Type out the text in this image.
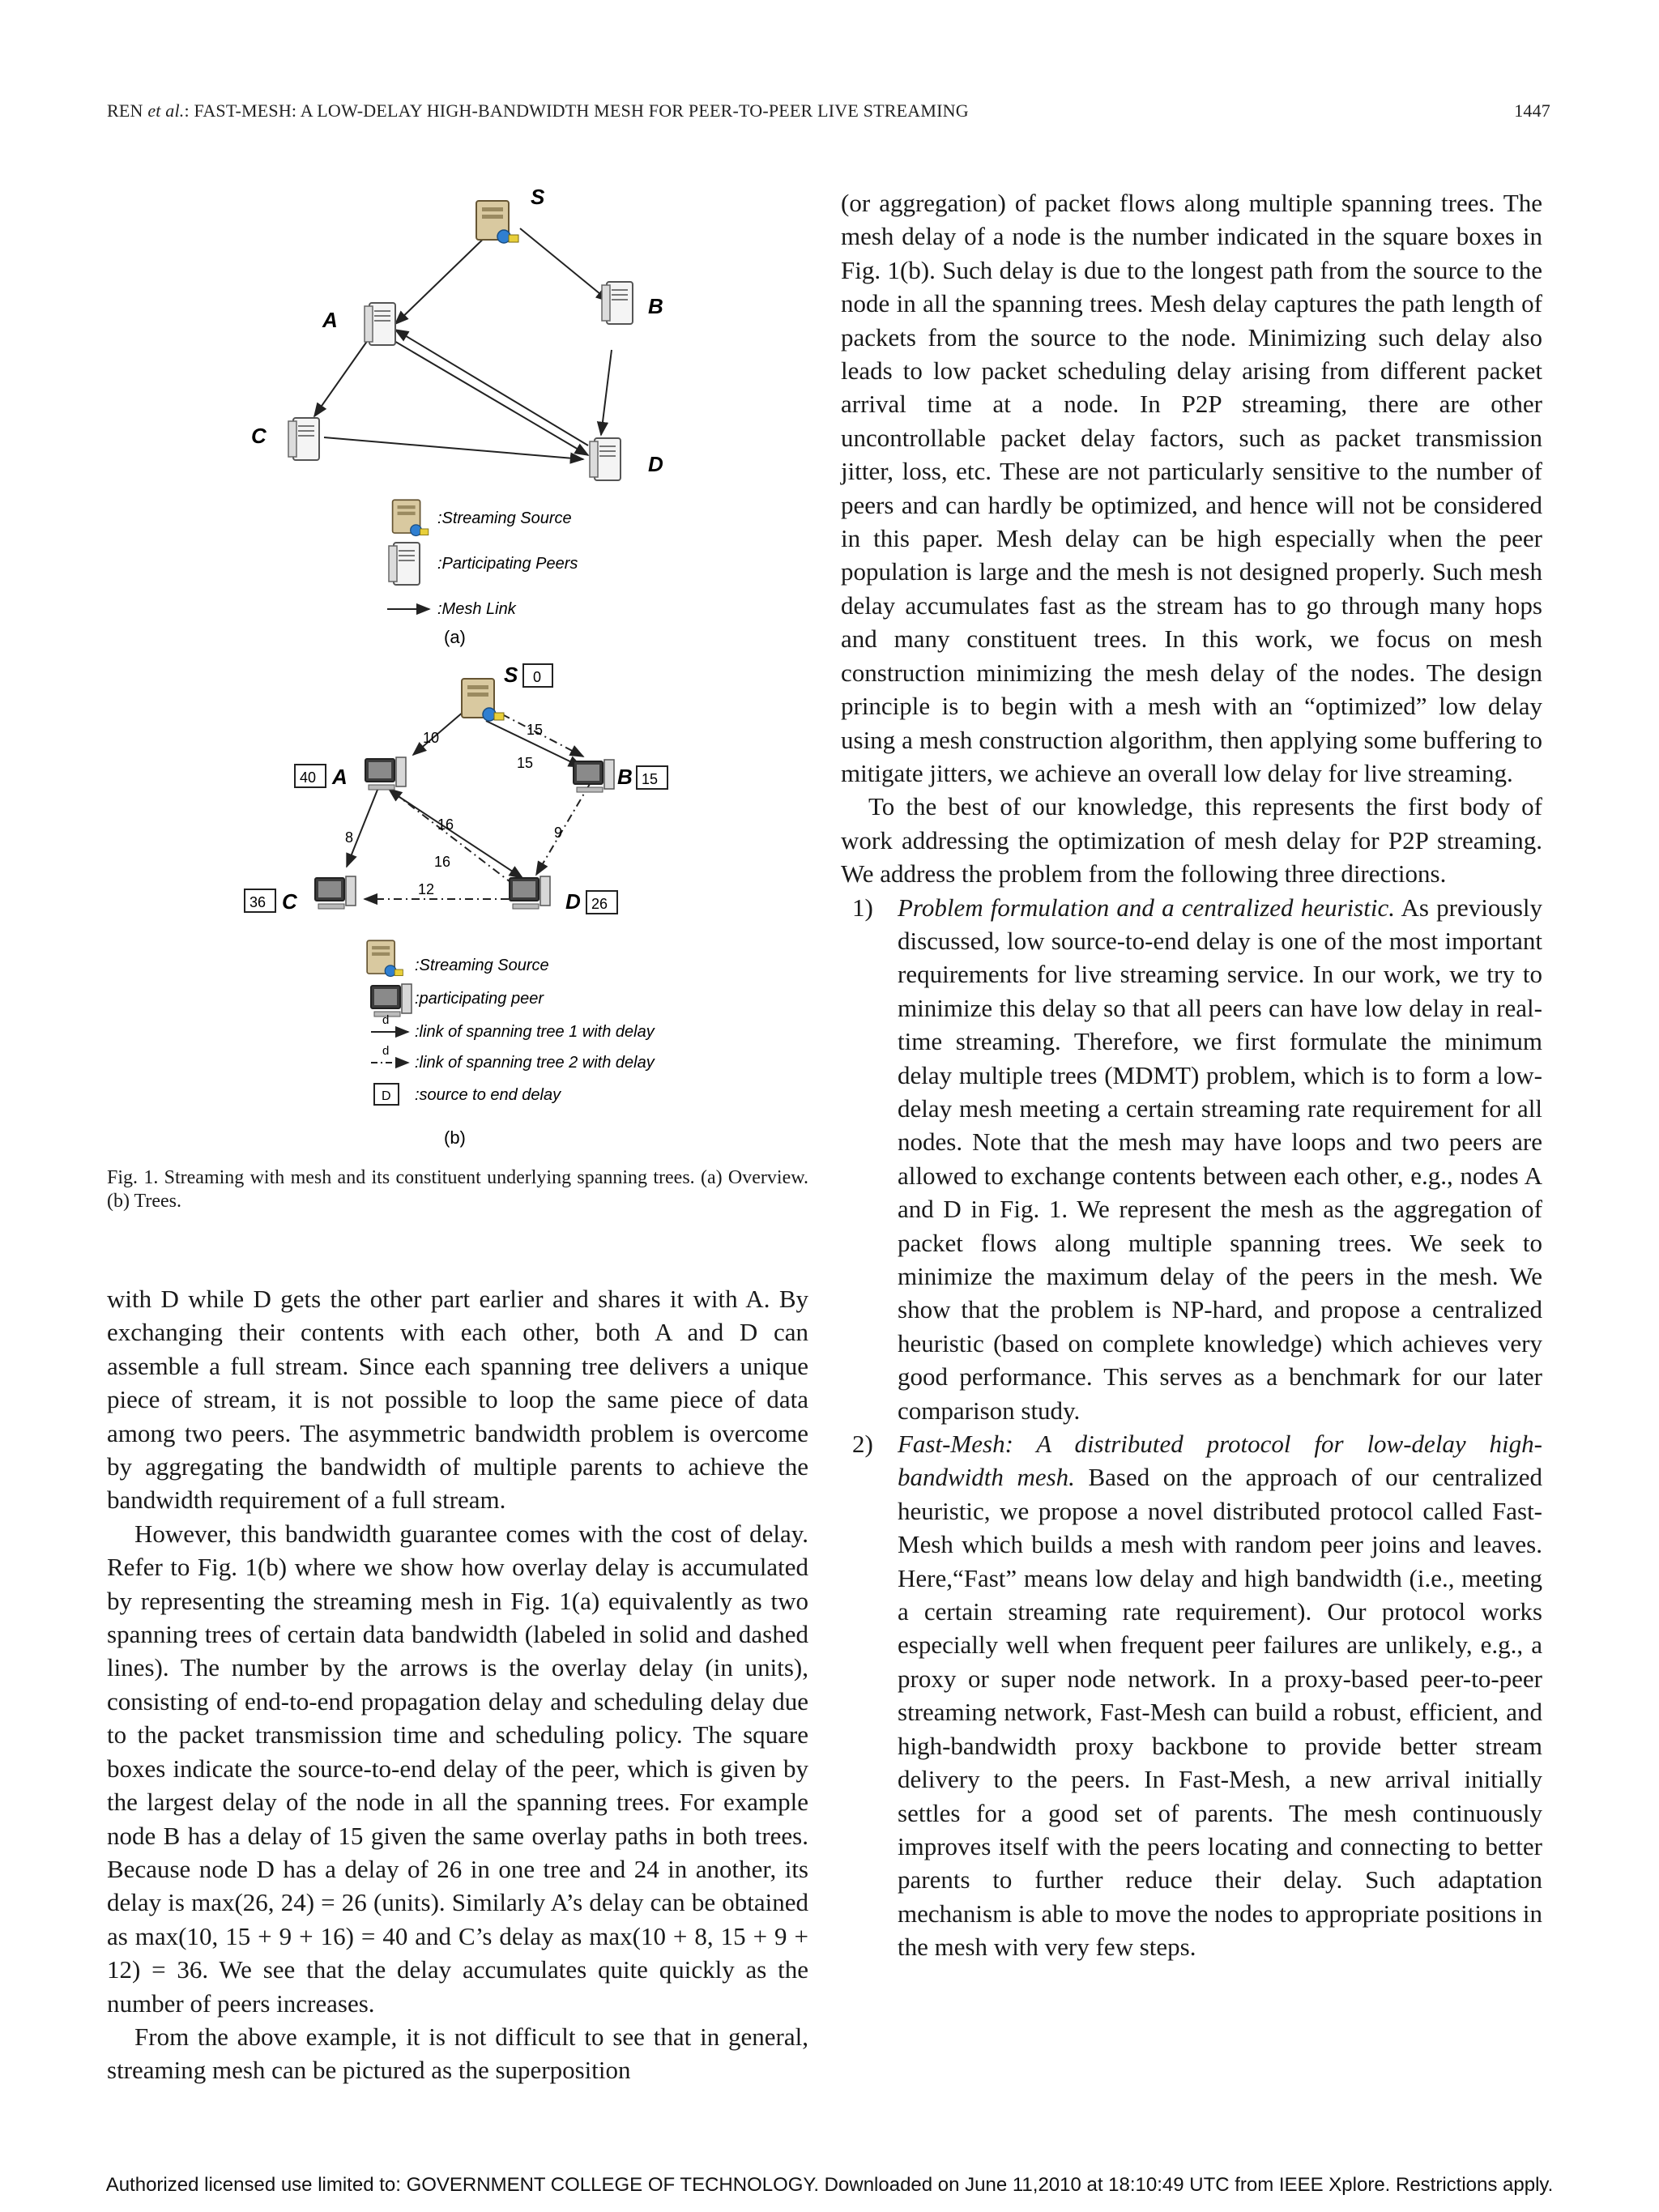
REN et al.: FAST-MESH: A LOW-DELAY HIGH-BANDWIDTH MESH FOR PEER-TO-PEER LIVE STREAMING	1447
S
A
B
C
D
:Streaming Source
:Participating Peers
:Mesh Link
(a)
S 0
40 A	B 15
36 C	D 26
10	15
15
16
16
8	9
12
:Streaming Source
:participating peer
d
:link of spanning tree 1 with delay
d
:link of spanning tree 2 with delay
D :source to end delay
(b)
Fig. 1. Streaming with mesh and its constituent underlying spanning trees. (a) Overview. (b) Trees.

with D while D gets the other part earlier and shares it with A. By exchanging their contents with each other, both A and D can assemble a full stream. Since each spanning tree delivers a unique piece of stream, it is not possible to loop the same piece of data among two peers. The asymmetric bandwidth problem is overcome by aggregating the bandwidth of multiple parents to achieve the bandwidth requirement of a full stream.

However, this bandwidth guarantee comes with the cost of delay. Refer to Fig. 1(b) where we show how overlay delay is accumulated by representing the streaming mesh in Fig. 1(a) equivalently as two spanning trees of certain data bandwidth (labeled in solid and dashed lines). The number by the arrows is the overlay delay (in units), consisting of end-to-end propagation delay and scheduling delay due to the packet transmission time and scheduling policy. The square boxes indicate the source-to-end delay of the peer, which is given by the largest delay of the node in all the spanning trees. For example node B has a delay of 15 given the same overlay paths in both trees. Because node D has a delay of 26 in one tree and 24 in another, its delay is max(26, 24) = 26 (units). Similarly A’s delay can be obtained as max(10, 15 + 9 + 16) = 40 and C’s delay as max(10 + 8, 15 + 9 + 12) = 36. We see that the delay accumulates quite quickly as the number of peers increases.

From the above example, it is not difficult to see that in general, streaming mesh can be pictured as the superposition

(or aggregation) of packet flows along multiple spanning trees. The mesh delay of a node is the number indicated in the square boxes in Fig. 1(b). Such delay is due to the longest path from the source to the node in all the spanning trees. Mesh delay captures the path length of packets from the source to the node. Minimizing such delay also leads to low packet scheduling delay arising from different packet arrival time at a node. In P2P streaming, there are other uncontrollable packet delay factors, such as packet transmission jitter, loss, etc. These are not particularly sensitive to the number of peers and can hardly be optimized, and hence will not be considered in this paper. Mesh delay can be high especially when the peer population is large and the mesh is not designed properly. Such mesh delay accumulates fast as the stream has to go through many hops and many constituent trees. In this work, we focus on mesh construction minimizing the mesh delay of the nodes. The design principle is to begin with a mesh with an “optimized” low delay using a mesh construction algorithm, then applying some buffering to mitigate jitters, we achieve an overall low delay for live streaming.

To the best of our knowledge, this represents the first body of work addressing the optimization of mesh delay for P2P streaming. We address the problem from the following three directions.

1) Problem formulation and a centralized heuristic. As previously discussed, low source-to-end delay is one of the most important requirements for live streaming service. In our work, we try to minimize this delay so that all peers can have low delay in real-time streaming. Therefore, we first formulate the minimum delay multiple trees (MDMT) problem, which is to form a low-delay mesh meeting a certain streaming rate requirement for all nodes. Note that the mesh may have loops and two peers are allowed to exchange contents between each other, e.g., nodes A and D in Fig. 1. We represent the mesh as the aggregation of packet flows along multiple spanning trees. We seek to minimize the maximum delay of the peers in the mesh. We show that the problem is NP-hard, and propose a centralized heuristic (based on complete knowledge) which achieves very good performance. This serves as a benchmark for our later comparison study.
2) Fast-Mesh: A distributed protocol for low-delay high-bandwidth mesh. Based on the approach of our centralized heuristic, we propose a novel distributed protocol called Fast-Mesh which builds a mesh with random peer joins and leaves. Here,“Fast” means low delay and high bandwidth (i.e., meeting a certain streaming rate requirement). Our protocol works especially well when frequent peer failures are unlikely, e.g., a proxy or super node network. In a proxy-based peer-to-peer streaming network, Fast-Mesh can build a robust, efficient, and high-bandwidth proxy backbone to provide better stream delivery to the peers. In Fast-Mesh, a new arrival initially settles for a good set of parents. The mesh continuously improves itself with the peers locating and connecting to better parents to further reduce their delay. Such adaptation mechanism is able to move the nodes to appropriate positions in the mesh with very few steps.
Authorized licensed use limited to: GOVERNMENT COLLEGE OF TECHNOLOGY. Downloaded on June 11,2010 at 18:10:49 UTC from IEEE Xplore. Restrictions apply.
